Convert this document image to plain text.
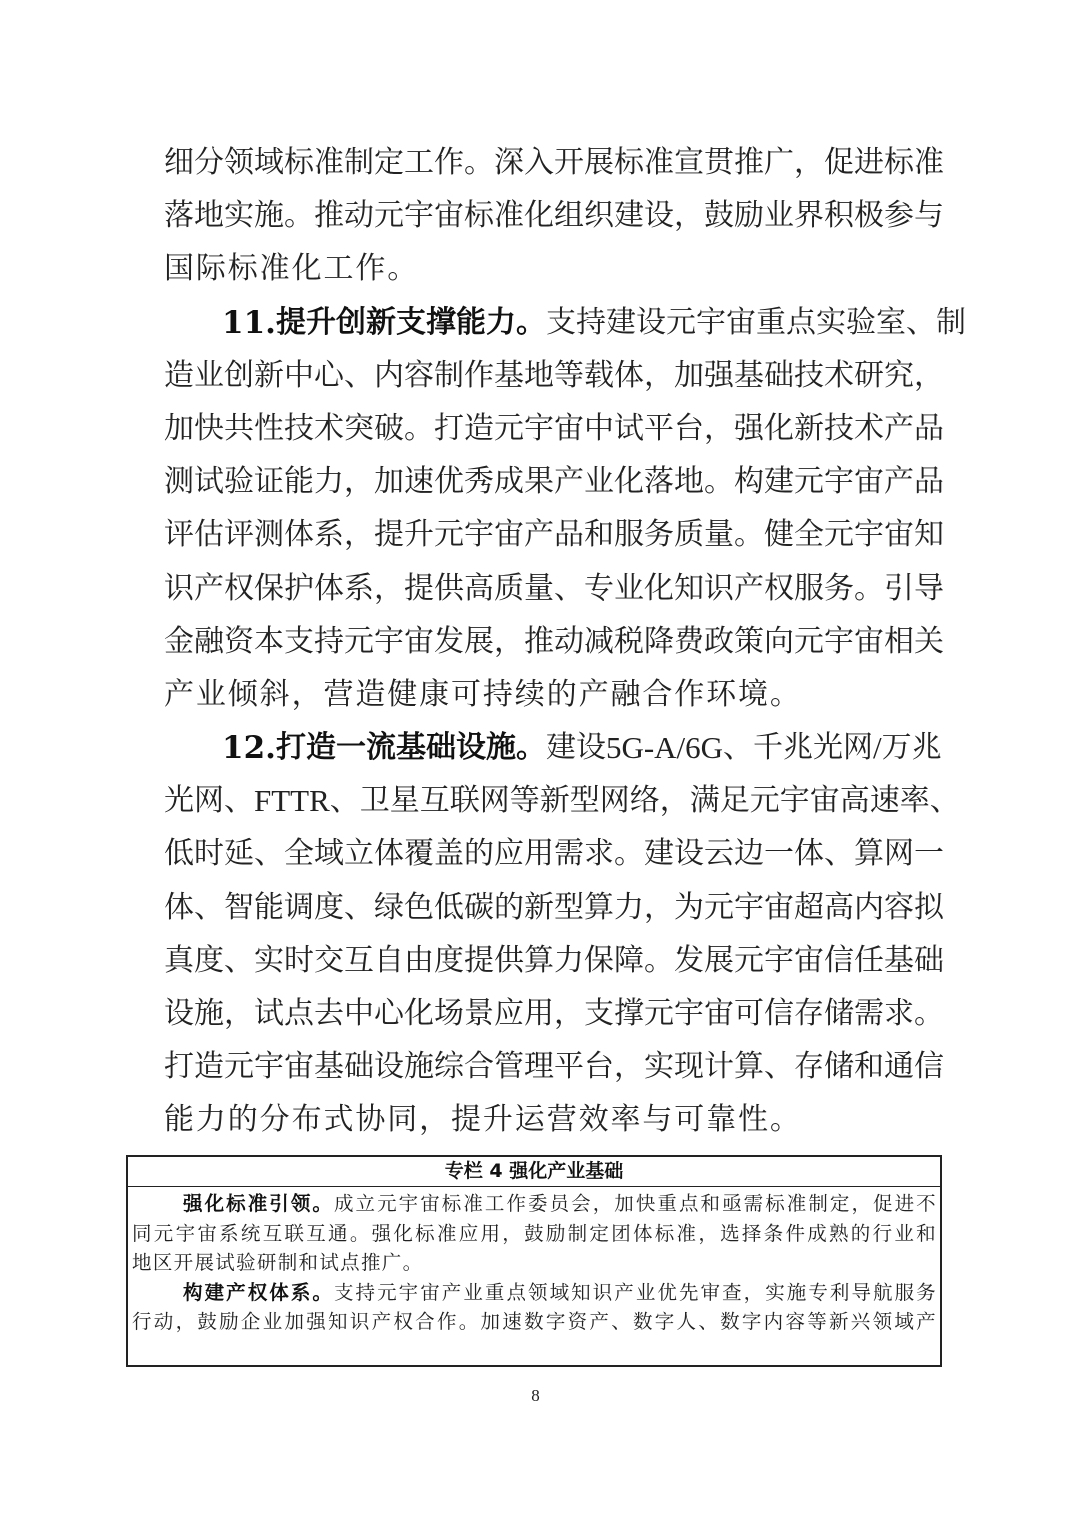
细 分 领 域 标 准 制 定 工 作 。 深 入 开 展 标 准 宣 贯 推 广 ， 促 进 标 准
落 地 实 施 。 推 动 元 宇 宙 标 准 化 组 织 建 设 ， 鼓 励 业 界 积 极 参 与
国 际 标 准 化 工 作 。
11. 提 升 创 新 支 撑 能 力 。 支 持 建 设 元 宇 宙 重 点 实 验 室 、 制
造 业 创 新 中 心 、 内 容 制 作 基 地 等 载 体 ， 加 强 基 础 技 术 研 究 ，
加 快 共 性 技 术 突 破 。 打 造 元 宇 宙 中 试 平 台 ， 强 化 新 技 术 产 品
测 试 验 证 能 力 ， 加 速 优 秀 成 果 产 业 化 落 地 。 构 建 元 宇 宙 产 品
评 估 评 测 体 系 ， 提 升 元 宇 宙 产 品 和 服 务 质 量 。 健 全 元 宇 宙 知
识 产 权 保 护 体 系 ， 提 供 高 质 量 、 专 业 化 知 识 产 权 服 务 。 引 导
金 融 资 本 支 持 元 宇 宙 发 展 ， 推 动 减 税 降 费 政 策 向 元 宇 宙 相 关
产 业 倾 斜 ， 营 造 健 康 可 持 续 的 产 融 合 作 环 境 。
12. 打 造 一 流 基 础 设 施 。 建 设 5G-A/6G 、 千 兆 光 网 / 万 兆
光 网 、 FTTR 、 卫 星 互 联 网 等 新 型 网 络 ， 满 足 元 宇 宙 高 速 率 、
低 时 延 、 全 域 立 体 覆 盖 的 应 用 需 求 。 建 设 云 边 一 体 、 算 网 一
体 、 智 能 调 度 、 绿 色 低 碳 的 新 型 算 力 ， 为 元 宇 宙 超 高 内 容 拟
真 度 、 实 时 交 互 自 由 度 提 供 算 力 保 障 。 发 展 元 宇 宙 信 任 基 础
设 施 ， 试 点 去 中 心 化 场 景 应 用 ， 支 撑 元 宇 宙 可 信 存 储 需 求 。
打 造 元 宇 宙 基 础 设 施 综 合 管 理 平 台 ， 实 现 计 算 、 存 储 和 通 信
能 力 的 分 布 式 协 同 ， 提 升 运 营 效 率 与 可 靠 性 。
专栏 4 强化产业基础
强 化 标 准 引 领 。 成 立 元 宇 宙 标 准 工 作 委 员 会 ， 加 快 重 点 和 亟 需 标 准 制 定 ， 促 进 不
同 元 宇 宙 系 统 互 联 互 通 。 强 化 标 准 应 用 ， 鼓 励 制 定 团 体 标 准 ， 选 择 条 件 成 熟 的 行 业 和
地 区 开 展 试 验 研 制 和 试 点 推 广 。
构 建 产 权 体 系 。 支 持 元 宇 宙 产 业 重 点 领 域 知 识 产 业 优 先 审 查 ， 实 施 专 利 导 航 服 务
行 动 ， 鼓 励 企 业 加 强 知 识 产 权 合 作 。 加 速 数 字 资 产 、 数 字 人 、 数 字 内 容 等 新 兴 领 域 产
8
